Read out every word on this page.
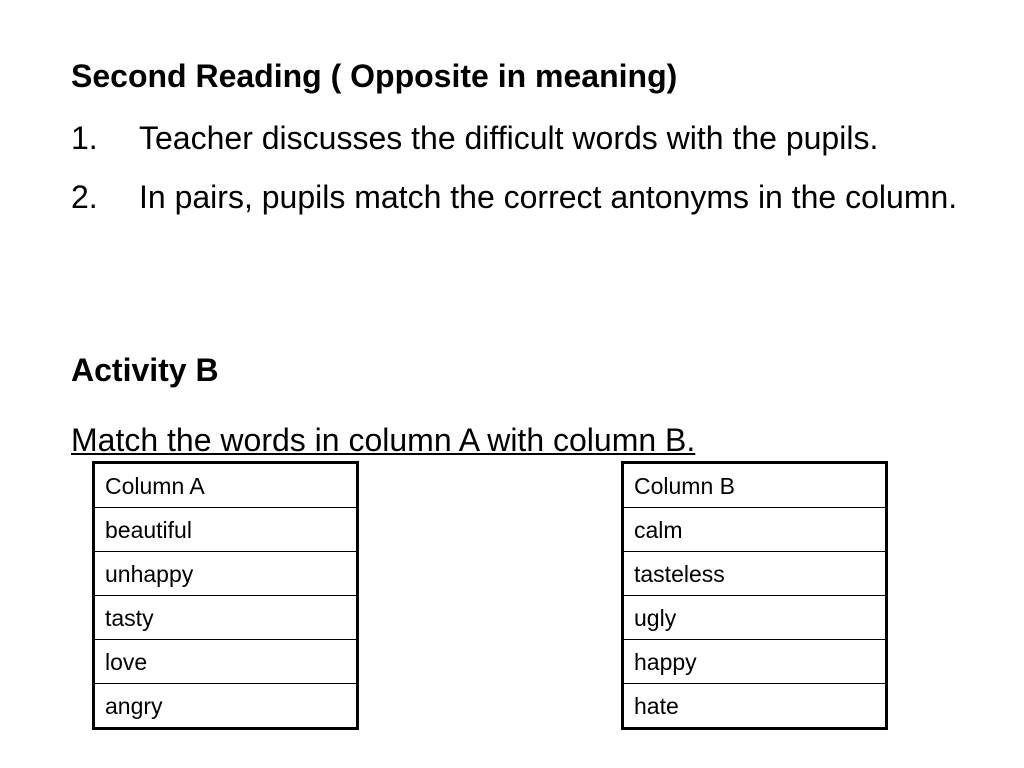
Second Reading ( Opposite in meaning)
1. Teacher discusses the difficult words with the pupils.
2. In pairs, pupils match the correct antonyms in the column.
Activity B

Match the words in column A with column B.

Column A
beautiful
unhappy
tasty
love
angry
Column B
calm
tasteless
ugly
happy
hate
